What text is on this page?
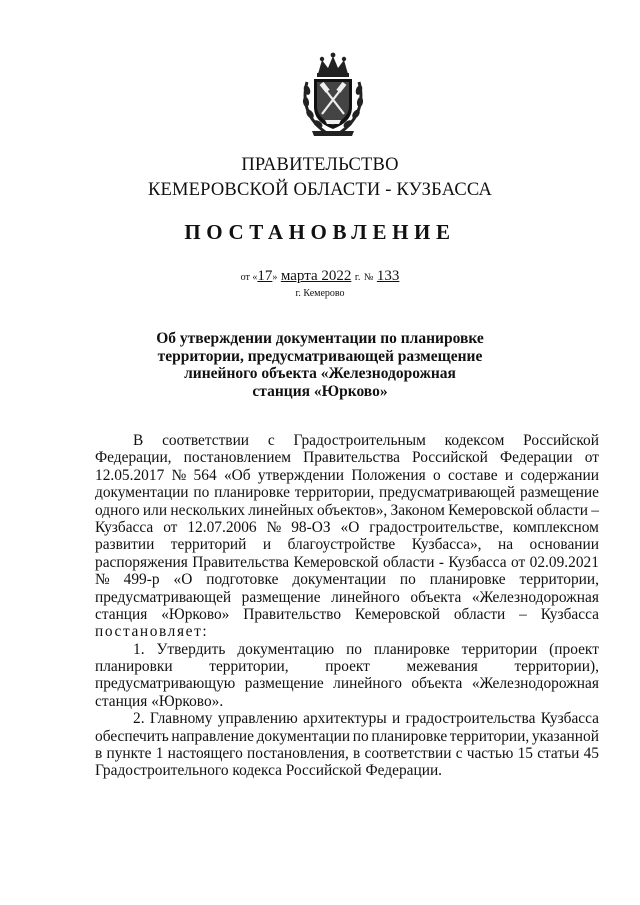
ПРАВИТЕЛЬСТВО
КЕМЕРОВСКОЙ ОБЛАСТИ - КУЗБАССА
ПОСТАНОВЛЕНИЕ
от «17» марта 2022 г. № 133
г. Кемерово
Об утверждении документации по планировке
территории, предусматривающей размещение
линейного объекта «Железнодорожная
станция «Юрково»
В соответствии с Градостроительным кодексом Российской
Федерации, постановлением Правительства Российской Федерации от
12.05.2017 № 564 «Об утверждении Положения о составе и содержании
документации по планировке территории, предусматривающей размещение
одного или нескольких линейных объектов», Законом Кемеровской области –
Кузбасса от 12.07.2006 № 98-ОЗ «О градостроительстве, комплексном
развитии территорий и благоустройстве Кузбасса», на основании
распоряжения Правительства Кемеровской области - Кузбасса от 02.09.2021
№ 499-р «О подготовке документации по планировке территории,
предусматривающей размещение линейного объекта «Железнодорожная
станция «Юрково» Правительство Кемеровской области – Кузбасса
постановляет:
1. Утвердить документацию по планировке территории (проект
планировки территории, проект межевания территории),
предусматривающую размещение линейного объекта «Железнодорожная
станция «Юрково».
2. Главному управлению архитектуры и градостроительства Кузбасса
обеспечить направление документации по планировке территории, указанной
в пункте 1 настоящего постановления, в соответствии с частью 15 статьи 45
Градостроительного кодекса Российской Федерации.
